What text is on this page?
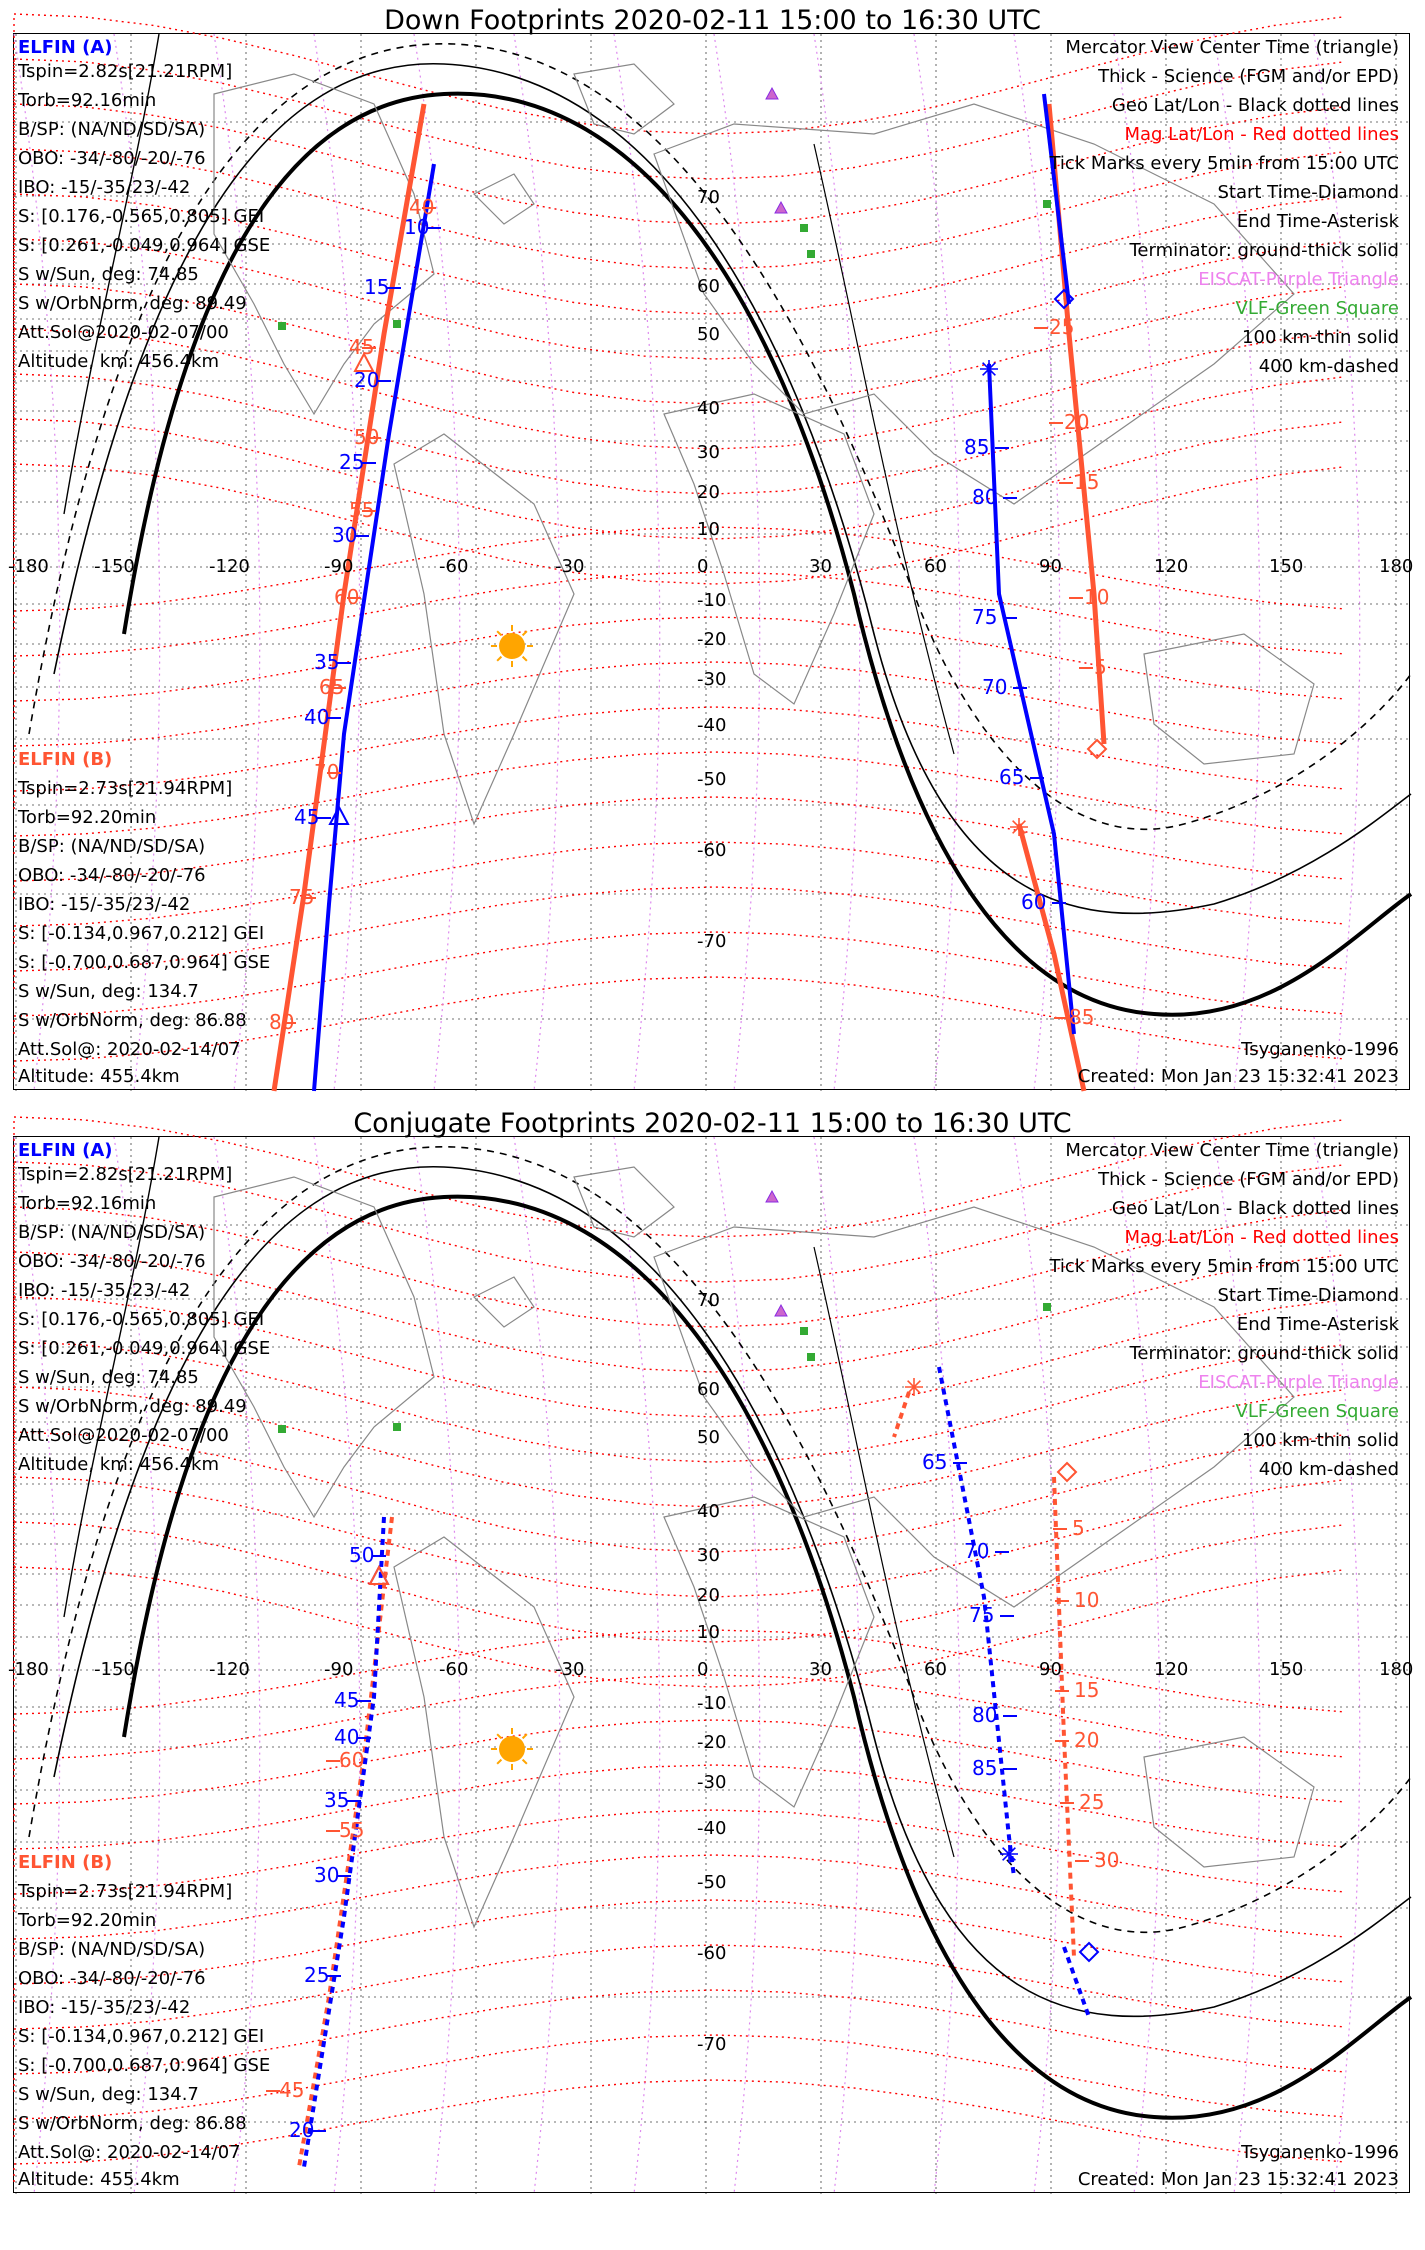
Down Footprints 2020-02-11 15:00 to 16:30 UTC
40
45
50
55
60
65
70
75
80
25
20
15
10
5
85
10
15
20
25
30
35
40
45
85
80
75
70
65
60
ELFIN (A)
Tspin=2.82s[21.21RPM]
Torb=92.16min
B/SP: (NA/ND/SD/SA)
OBO: -34/-80/-20/-76
IBO: -15/-35/23/-42
S: [0.176,-0.565,0.805] GEI
S: [0.261,-0.049,0.964] GSE
S w/Sun, deg: 74.85
S w/OrbNorm, deg: 89.49
Att.Sol@2020-02-07/00
Altitude, km: 456.4km
ELFIN (B)
Tspin=2.73s[21.94RPM]
Torb=92.20min
B/SP: (NA/ND/SD/SA)
OBO: -34/-80/-20/-76
IBO: -15/-35/23/-42
S: [-0.134,0.967,0.212] GEI
S: [-0.700,0.687,0.964] GSE
S w/Sun, deg: 134.7
S w/OrbNorm, deg: 86.88
Att.Sol@: 2020-02-14/07
Altitude: 455.4km
Mercator View Center Time (triangle)
Thick - Science (FGM and/or EPD)
Geo Lat/Lon - Black dotted lines
Mag Lat/Lon - Red dotted lines
Tick Marks every 5min from 15:00 UTC
Start Time-Diamond
End Time-Asterisk
Terminator: ground-thick solid
EISCAT-Purple Triangle
VLF-Green Square
100 km-thin solid
400 km-dashed
Tsyganenko-1996
Created: Mon Jan 23 15:32:41 2023
70
60
50
40
30
20
10
-10
-20
-30
-40
-50
-60
-70
-180	-150	-120	-90	-60	-30	0	30	60	90	120	150	180
Conjugate Footprints 2020-02-11 15:00 to 16:30 UTC
50
45
40
35
30
25
20
65
70
75
80
85
60
55
45
5
10
15
20
25
30
ELFIN (A)
Tspin=2.82s[21.21RPM]
Torb=92.16min
B/SP: (NA/ND/SD/SA)
OBO: -34/-80/-20/-76
IBO: -15/-35/23/-42
S: [0.176,-0.565,0.805] GEI
S: [0.261,-0.049,0.964] GSE
S w/Sun, deg: 74.85
S w/OrbNorm, deg: 89.49
Att.Sol@2020-02-07/00
Altitude, km: 456.4km
ELFIN (B)
Tspin=2.73s[21.94RPM]
Torb=92.20min
B/SP: (NA/ND/SD/SA)
OBO: -34/-80/-20/-76
IBO: -15/-35/23/-42
S: [-0.134,0.967,0.212] GEI
S: [-0.700,0.687,0.964] GSE
S w/Sun, deg: 134.7
S w/OrbNorm, deg: 86.88
Att.Sol@: 2020-02-14/07
Altitude: 455.4km
Mercator View Center Time (triangle)
Thick - Science (FGM and/or EPD)
Geo Lat/Lon - Black dotted lines
Mag Lat/Lon - Red dotted lines
Tick Marks every 5min from 15:00 UTC
Start Time-Diamond
End Time-Asterisk
Terminator: ground-thick solid
EISCAT-Purple Triangle
VLF-Green Square
100 km-thin solid
400 km-dashed
Tsyganenko-1996
Created: Mon Jan 23 15:32:41 2023
70
60
50
40
30
20
10
-10
-20
-30
-40
-50
-60
-70
-180	-150	-120	-90	-60	-30	0	30	60	90	120	150	180
